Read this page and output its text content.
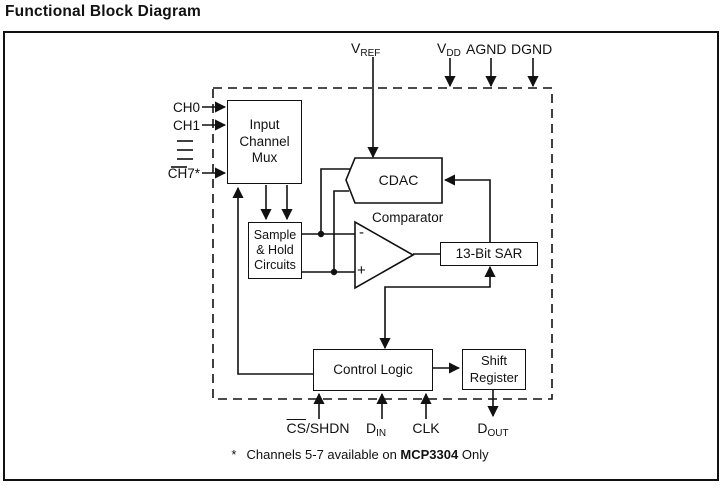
Functional Block Diagram
$V_{REF}$	$V_{DD}$ AGND DGND
CH0
CH1
CH7*
Input
Channel
Mux
Sample
& Hold
Circuits
CDAC
Comparator
-
+
13-Bit SAR
Control Logic
Shift
Register
$\overline{CS}$/SHDN	$D_{IN}$	CLK	$D_{OUT}$
* Channels 5-7 available on MCP3304 Only
